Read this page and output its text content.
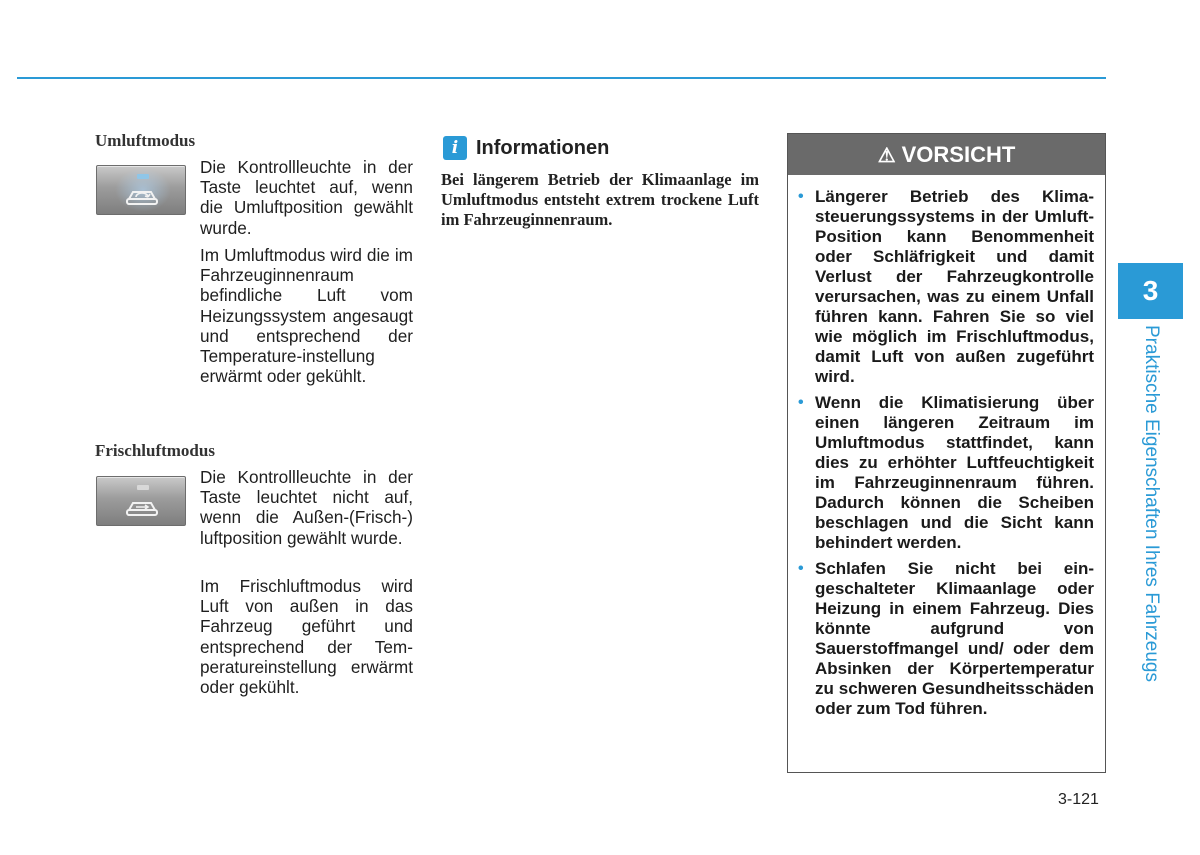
Umluftmodus
Die Kontrollleuchte in der Taste leuchtet auf, wenn die Umluftposition gewählt wurde.
Im Umluftmodus wird die im Fahrzeuginnenraum befindliche Luft vom Heizungssystem angesaugt und entsprechend der Temperature-instellung erwärmt oder gekühlt.
Frischluftmodus
Die Kontrollleuchte in der Taste leuchtet nicht auf, wenn die Außen-(Frisch-) luftposition gewählt wurde.
Im Frischluftmodus wird Luft von außen in das Fahrzeug geführt und entsprechend der Temperatureinstellung erwärmt oder gekühlt.
i Informationen
Bei längerem Betrieb der Klimaanlage im Umluftmodus entsteht extrem trockene Luft im Fahrzeuginnenraum.
⚠ VORSICHT
• Längerer Betrieb des Klimasteuerungssystems in der Umluft-Position kann Benommenheit oder Schläfrigkeit und damit Verlust der Fahrzeugkontrolle verursachen, was zu einem Unfall führen kann. Fahren Sie so viel wie möglich im Frischluftmodus, damit Luft von außen zugeführt wird.
• Wenn die Klimatisierung über einen längeren Zeitraum im Umluftmodus stattfindet, kann dies zu erhöhter Luftfeuchtigkeit im Fahrzeuginnenraum führen. Dadurch können die Scheiben beschlagen und die Sicht kann behindert werden.
• Schlafen Sie nicht bei eingeschalteter Klimaanlage oder Heizung in einem Fahrzeug. Dies könnte aufgrund von Sauerstoffmangel und/ oder dem Absinken der Körpertemperatur zu schweren Gesundheitsschäden oder zum Tod führen.
3
Praktische Eigenschaften Ihres Fahrzeugs
3-121
